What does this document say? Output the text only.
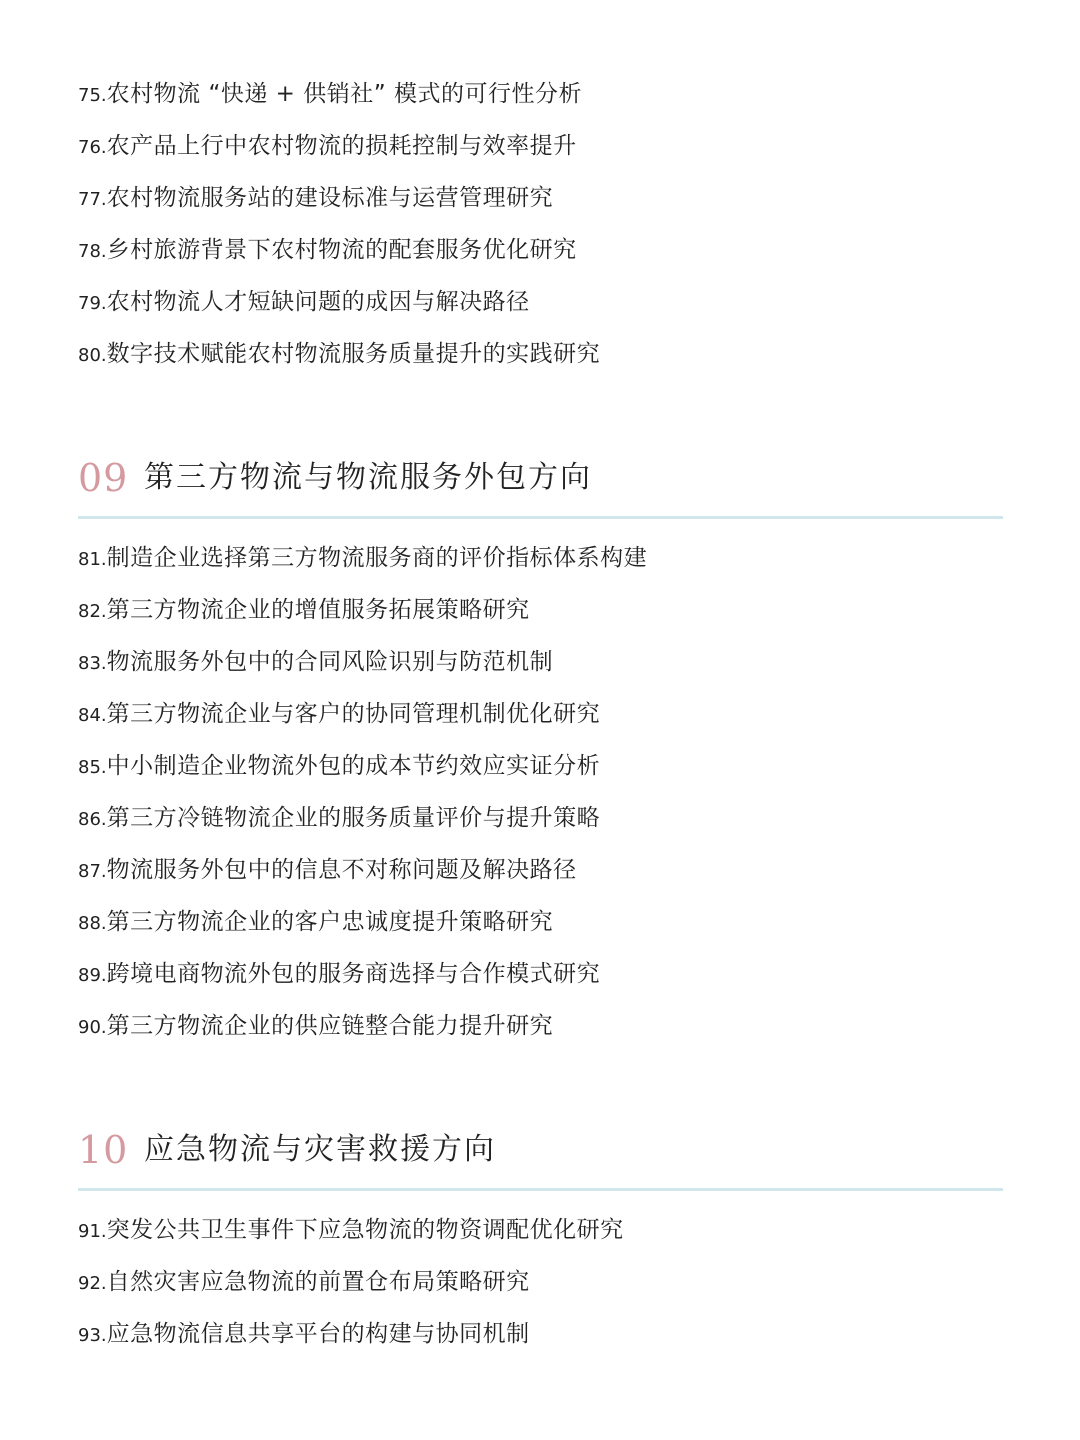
75.农村物流 “快递 + 供销社” 模式的可行性分析
76.农产品上行中农村物流的损耗控制与效率提升
77.农村物流服务站的建设标准与运营管理研究
78.乡村旅游背景下农村物流的配套服务优化研究
79.农村物流人才短缺问题的成因与解决路径
80.数字技术赋能农村物流服务质量提升的实践研究
09 第三方物流与物流服务外包方向
81.制造企业选择第三方物流服务商的评价指标体系构建
82.第三方物流企业的增值服务拓展策略研究
83.物流服务外包中的合同风险识别与防范机制
84.第三方物流企业与客户的协同管理机制优化研究
85.中小制造企业物流外包的成本节约效应实证分析
86.第三方冷链物流企业的服务质量评价与提升策略
87.物流服务外包中的信息不对称问题及解决路径
88.第三方物流企业的客户忠诚度提升策略研究
89.跨境电商物流外包的服务商选择与合作模式研究
90.第三方物流企业的供应链整合能力提升研究
10 应急物流与灾害救援方向
91.突发公共卫生事件下应急物流的物资调配优化研究
92.自然灾害应急物流的前置仓布局策略研究
93.应急物流信息共享平台的构建与协同机制
